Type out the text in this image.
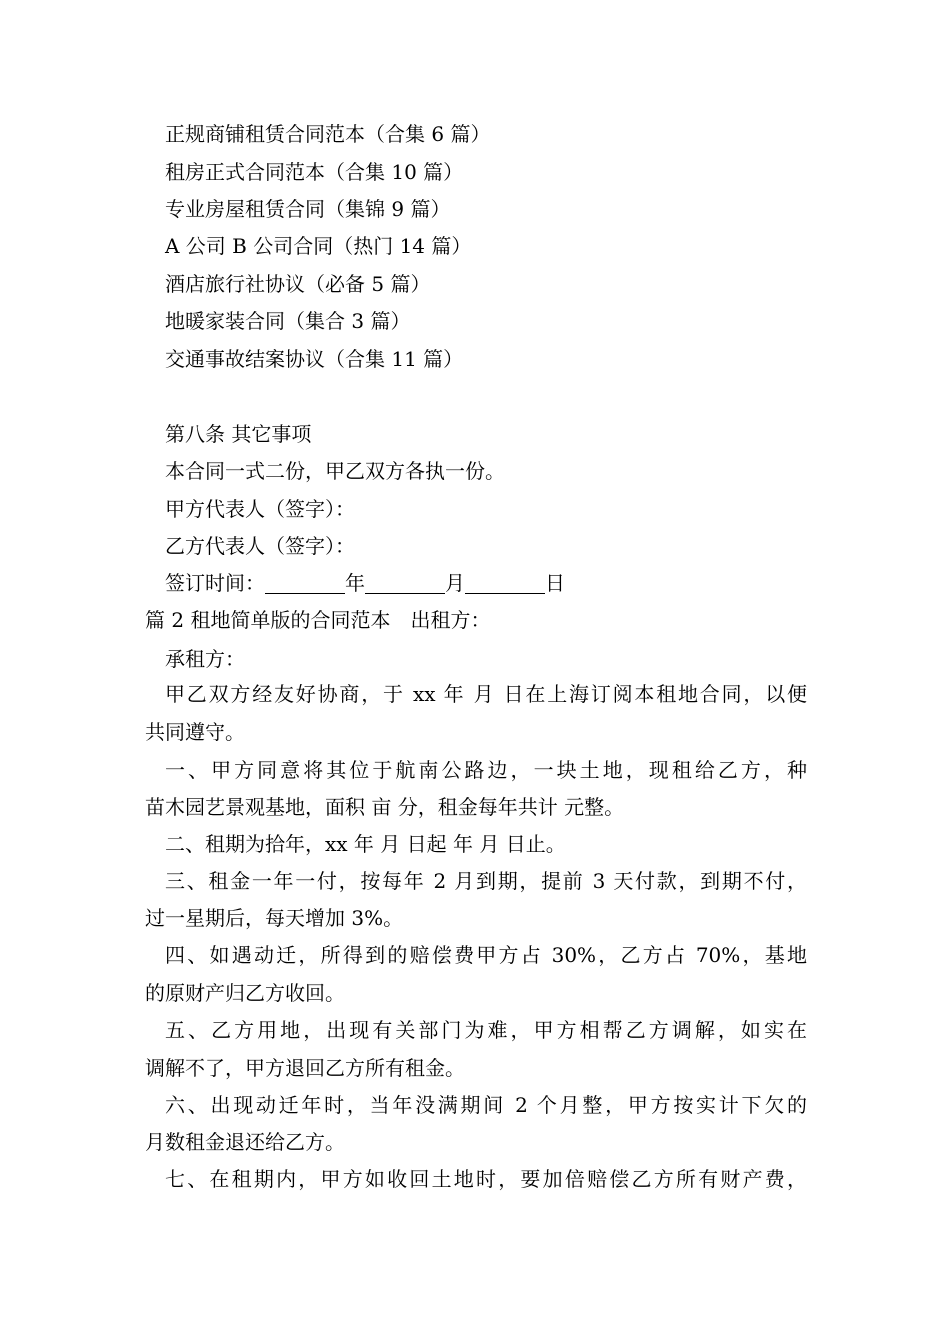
正规商铺租赁合同范本（合集 6 篇）
租房正式合同范本（合集 10 篇）
专业房屋租赁合同（集锦 9 篇）
A 公司 B 公司合同（热门 14 篇）
酒店旅行社协议（必备 5 篇）
地暖家装合同（集合 3 篇）
交通事故结案协议（合集 11 篇）
第八条 其它事项
本合同一式二份，甲乙双方各执一份。
甲方代表人（签字）：
乙方代表人（签字）：
签订时间：	年	月	日
篇 2 租地简单版的合同范本　出租方：
承租方：
甲乙双方经友好协商，于 xx 年 月 日在上海订阅本租地合同，以便
共同遵守。
一、甲方同意将其位于航南公路边，一块土地，现租给乙方，种
苗木园艺景观基地，面积 亩 分，租金每年共计 元整。
二、租期为拾年，xx 年 月 日起 年 月 日止。
三、租金一年一付，按每年 2 月到期，提前 3 天付款，到期不付，
过一星期后，每天增加 3%。
四、如遇动迁，所得到的赔偿费甲方占 30%，乙方占 70%，基地
的原财产归乙方收回。
五、乙方用地，出现有关部门为难，甲方相帮乙方调解，如实在
调解不了，甲方退回乙方所有租金。
六、出现动迁年时，当年没满期间 2 个月整，甲方按实计下欠的
月数租金退还给乙方。
七、在租期内，甲方如收回土地时，要加倍赔偿乙方所有财产费，
